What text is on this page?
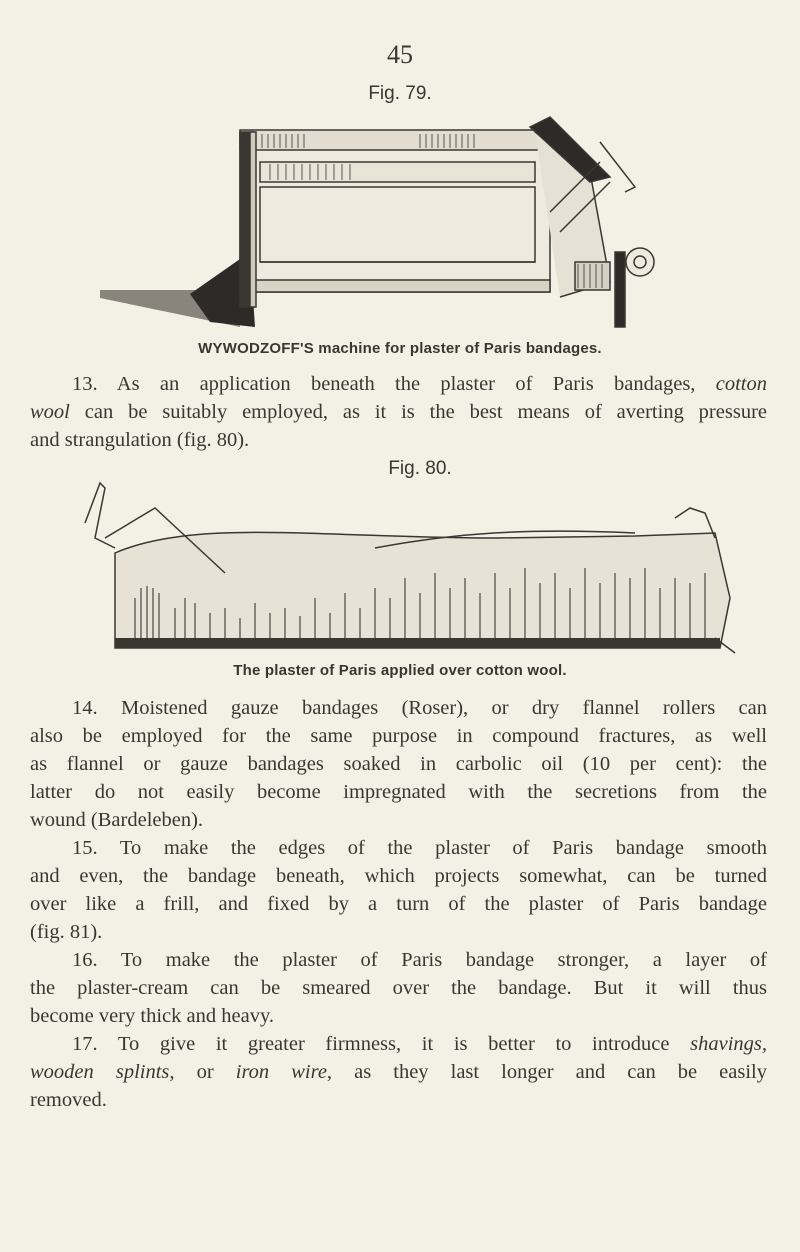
45
Fig. 79.
WYWODZOFF'S machine for plaster of Paris bandages.
13. As an application beneath the plaster of Paris bandages, cotton
wool can be suitably employed, as it is the best means of averting pressure
and strangulation (fig. 80).
Fig. 80.
The plaster of Paris applied over cotton wool.
14. Moistened gauze bandages (Roser), or dry flannel rollers can
also be employed for the same purpose in compound fractures, as well
as flannel or gauze bandages soaked in carbolic oil (10 per cent): the
latter do not easily become impregnated with the secretions from the
wound (Bardeleben).
15. To make the edges of the plaster of Paris bandage smooth
and even, the bandage beneath, which projects somewhat, can be turned
over like a frill, and fixed by a turn of the plaster of Paris bandage
(fig. 81).
16. To make the plaster of Paris bandage stronger, a layer of
the plaster-cream can be smeared over the bandage. But it will thus
become very thick and heavy.
17. To give it greater firmness, it is better to introduce shavings,
wooden splints, or iron wire, as they last longer and can be easily
removed.
